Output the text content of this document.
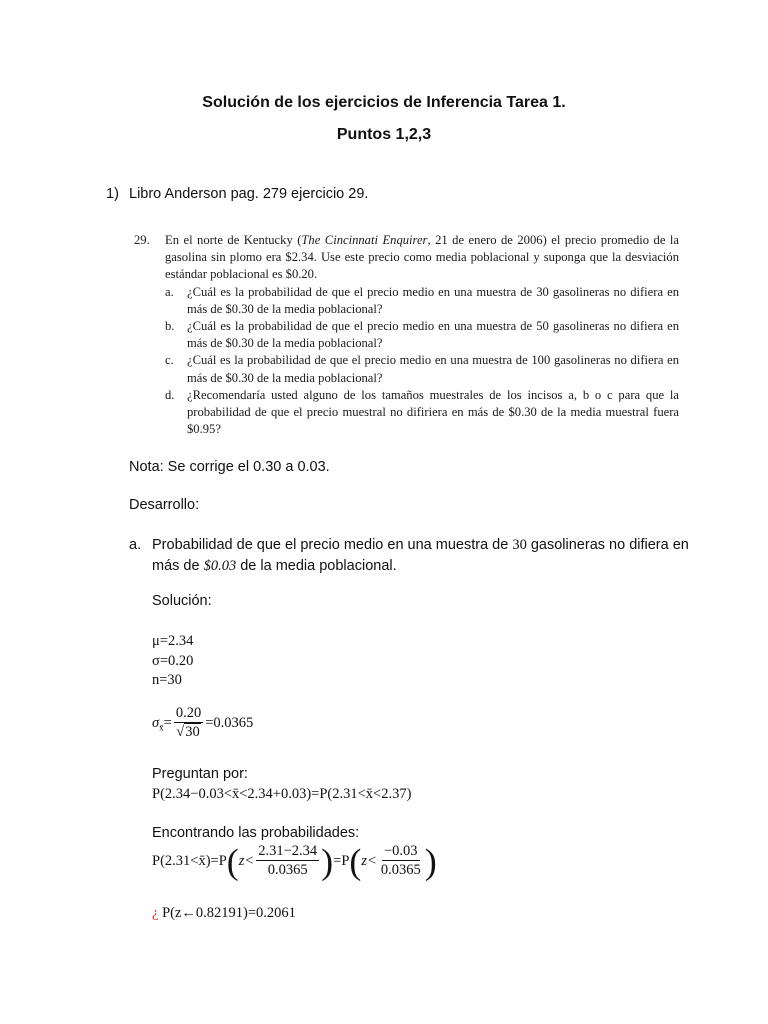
Solución de los ejercicios de Inferencia Tarea 1.
Puntos 1,2,3
1) Libro Anderson pag. 279 ejercicio 29.
29. En el norte de Kentucky (The Cincinnati Enquirer, 21 de enero de 2006) el precio promedio de la gasolina sin plomo era $2.34. Use este precio como media poblacional y suponga que la desviación estándar poblacional es $0.20.
a. ¿Cuál es la probabilidad de que el precio medio en una muestra de 30 gasolineras no difiera en más de $0.30 de la media poblacional?
b. ¿Cuál es la probabilidad de que el precio medio en una muestra de 50 gasolineras no difiera en más de $0.30 de la media poblacional?
c. ¿Cuál es la probabilidad de que el precio medio en una muestra de 100 gasolineras no difiera en más de $0.30 de la media poblacional?
d. ¿Recomendaría usted alguno de los tamaños muestrales de los incisos a, b o c para que la probabilidad de que el precio muestral no difiriera en más de $0.30 de la media muestral fuera $0.95?
Nota: Se corrige el 0.30 a 0.03.
Desarrollo:
a. Probabilidad de que el precio medio en una muestra de 30 gasolineras no difiera en más de $0.03 de la media poblacional.
Solución:
μ=2.34
σ=0.20
n=30
$\sigma_{x̄}= \frac{0.20}{√30} =0.0365$
Preguntan por:
P(2.34−0.03<x̄<2.34+0.03)=P(2.31<x̄<2.37)
Encontrando las probabilidades:
P(2.31<x̄)=P(z< $\frac{2.31-2.34}{0.0365} )=P(z< \frac{-0.03}{0.0365}$ )
¿ P(z←0.82191)=0.2061
